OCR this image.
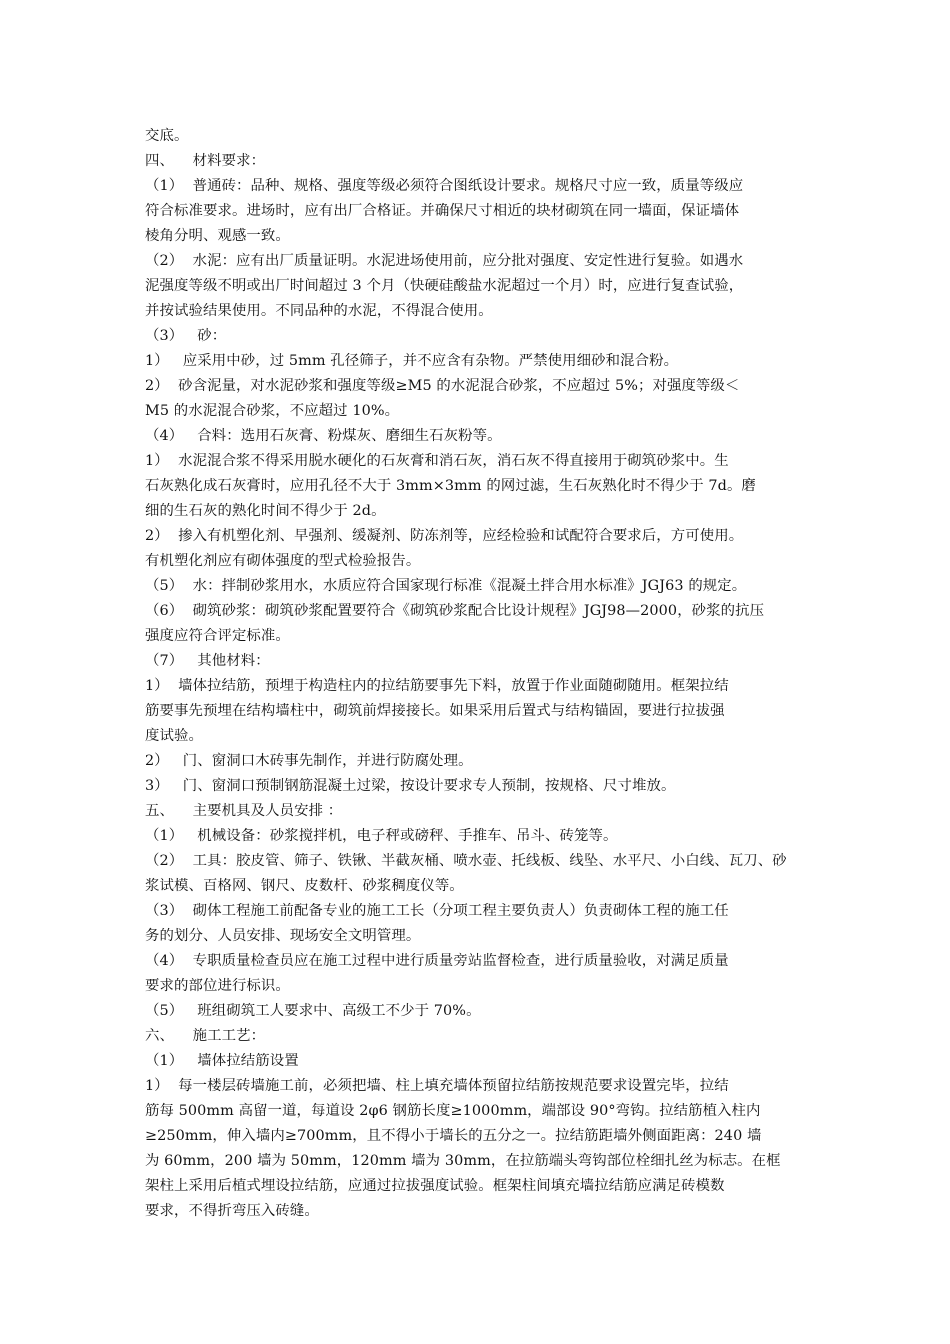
交底。
四、    材料要求：
（1）  普通砖：品种、规格、强度等级必须符合图纸设计要求。规格尺寸应一致，质量等级应
符合标准要求。进场时，应有出厂合格证。并确保尺寸相近的块材砌筑在同一墙面，保证墙体
棱角分明、观感一致。
（2）  水泥：应有出厂质量证明。水泥进场使用前，应分批对强度、安定性进行复验。如遇水
泥强度等级不明或出厂时间超过 3 个月（快硬硅酸盐水泥超过一个月）时，应进行复查试验，
并按试验结果使用。不同品种的水泥，不得混合使用。
（3）   砂：
1）   应采用中砂，过 5mm 孔径筛子，并不应含有杂物。严禁使用细砂和混合粉。
2）  砂含泥量，对水泥砂浆和强度等级≥M5 的水泥混合砂浆，不应超过 5%；对强度等级＜
M5 的水泥混合砂浆，不应超过 10%。
（4）   合料：选用石灰膏、粉煤灰、磨细生石灰粉等。
1）  水泥混合浆不得采用脱水硬化的石灰膏和消石灰，消石灰不得直接用于砌筑砂浆中。生
石灰熟化成石灰膏时，应用孔径不大于 3mm×3mm 的网过滤，生石灰熟化时不得少于 7d。磨
细的生石灰的熟化时间不得少于 2d。
2）  掺入有机塑化剂、早强剂、缓凝剂、防冻剂等，应经检验和试配符合要求后，方可使用。
有机塑化剂应有砌体强度的型式检验报告。
（5）  水：拌制砂浆用水，水质应符合国家现行标准《混凝土拌合用水标准》JGJ63 的规定。
（6）  砌筑砂浆：砌筑砂浆配置要符合《砌筑砂浆配合比设计规程》JGJ98—2000，砂浆的抗压
强度应符合评定标准。
（7）   其他材料：
1）  墙体拉结筋，预埋于构造柱内的拉结筋要事先下料，放置于作业面随砌随用。框架拉结
筋要事先预埋在结构墙柱中，砌筑前焊接接长。如果采用后置式与结构锚固，要进行拉拔强
度试验。
2）   门、窗洞口木砖事先制作，并进行防腐处理。
3）   门、窗洞口预制钢筋混凝土过梁，按设计要求专人预制，按规格、尺寸堆放。
五、    主要机具及人员安排 ：
（1）   机械设备：砂浆搅拌机，电子秤或磅秤、手推车、吊斗、砖笼等。
（2）  工具：胶皮管、筛子、铁锹、半截灰桶、喷水壶、托线板、线坠、水平尺、小白线、瓦刀、砂
浆试模、百格网、钢尺、皮数杆、砂浆稠度仪等。
（3）  砌体工程施工前配备专业的施工工长（分项工程主要负责人）负责砌体工程的施工任
务的划分、人员安排、现场安全文明管理。
（4）  专职质量检查员应在施工过程中进行质量旁站监督检查，进行质量验收，对满足质量
要求的部位进行标识。
（5）   班组砌筑工人要求中、高级工不少于 70%。
六、    施工工艺：
（1）   墙体拉结筋设置
1）  每一楼层砖墙施工前，必须把墙、柱上填充墙体预留拉结筋按规范要求设置完毕，拉结
筋每 500mm 高留一道，每道设 2φ6 钢筋长度≥1000mm，端部设 90°弯钩。拉结筋植入柱内
≥250mm，伸入墙内≥700mm，且不得小于墙长的五分之一。拉结筋距墙外侧面距离：240 墙
为 60mm，200 墙为 50mm，120mm 墙为 30mm，在拉筋端头弯钩部位栓细扎丝为标志。在框
架柱上采用后植式埋设拉结筋，应通过拉拔强度试验。框架柱间填充墙拉结筋应满足砖模数
要求，不得折弯压入砖缝。
